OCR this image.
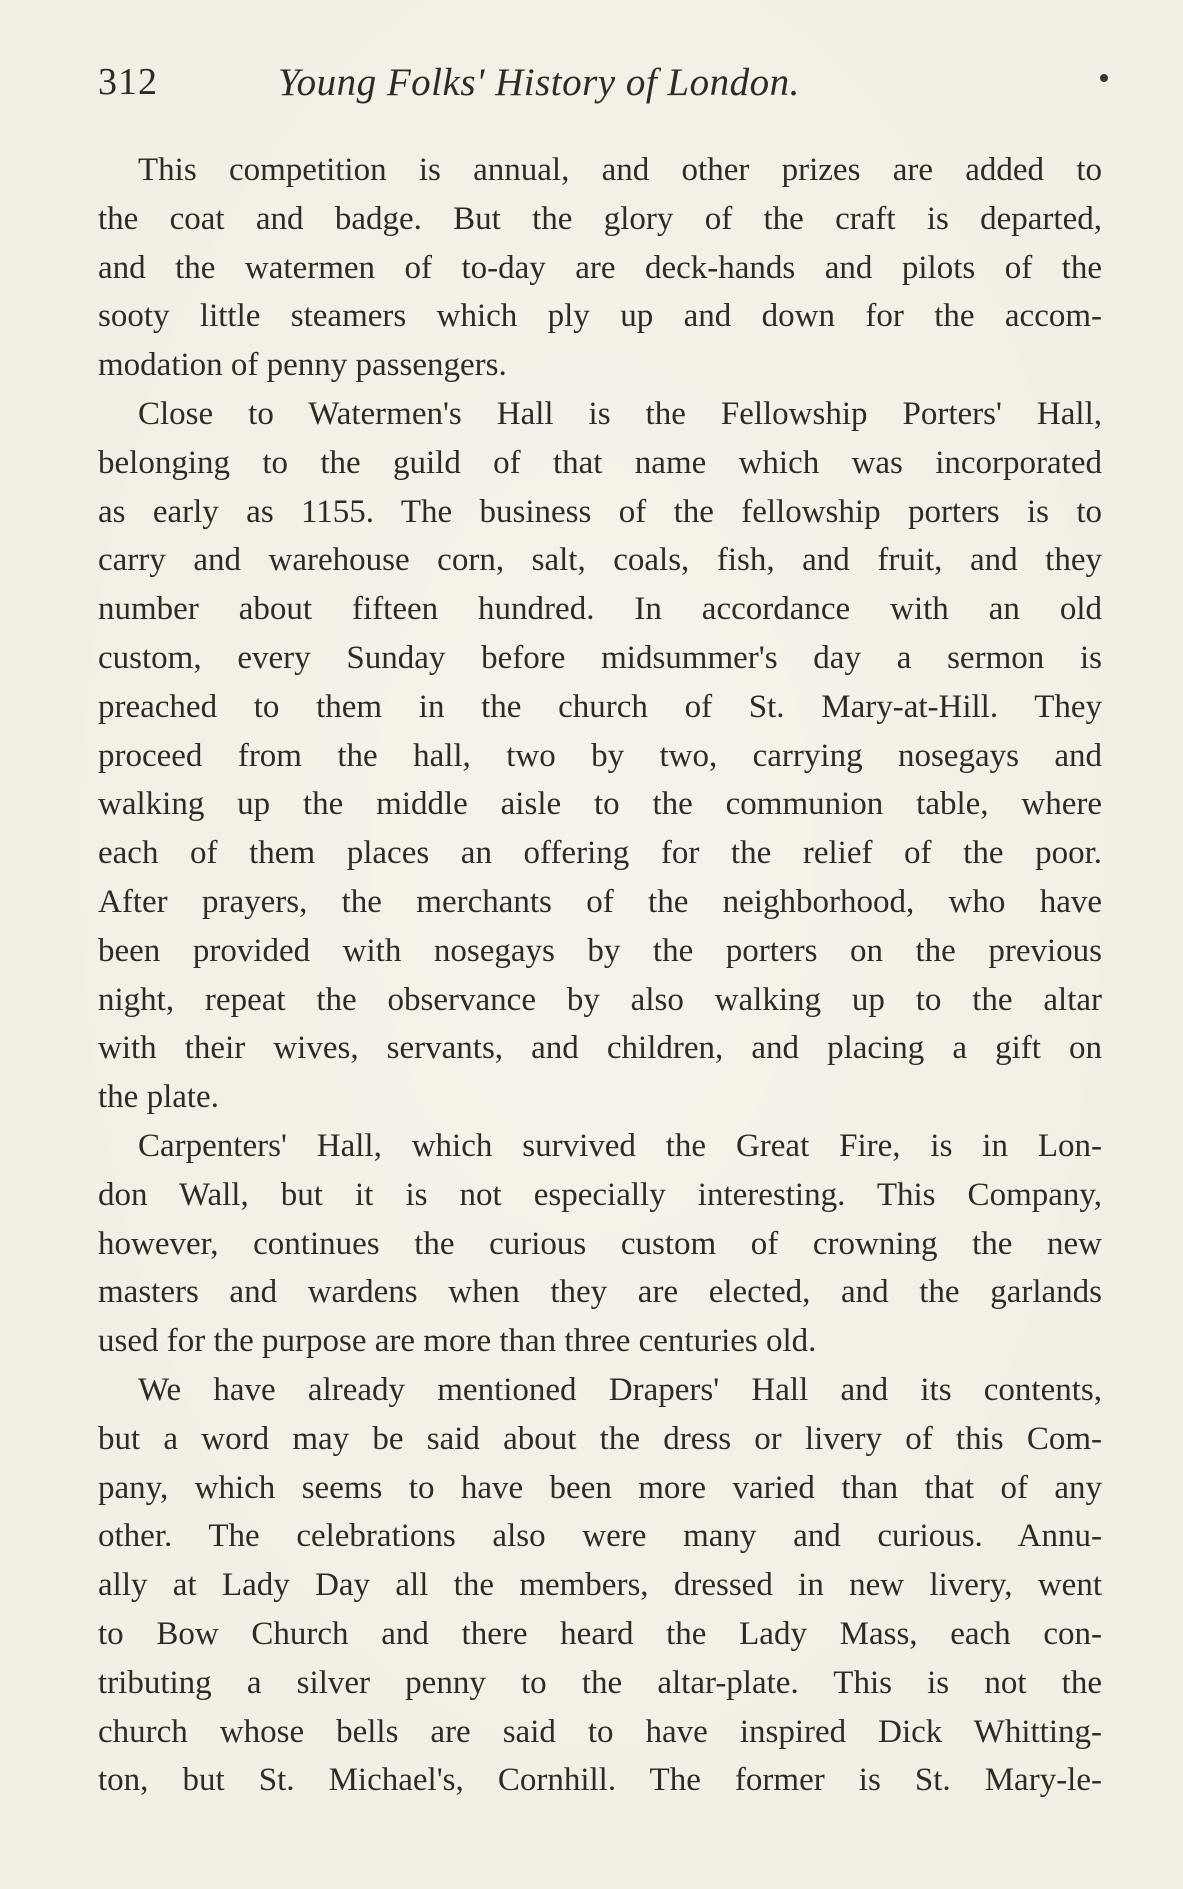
312	Young Folks' History of London.

This competition is annual, and other prizes are added to
the coat and badge. But the glory of the craft is departed,
and the watermen of to-day are deck-hands and pilots of the
sooty little steamers which ply up and down for the accom-
modation of penny passengers.

Close to Watermen's Hall is the Fellowship Porters' Hall,
belonging to the guild of that name which was incorporated
as early as 1155. The business of the fellowship porters is to
carry and warehouse corn, salt, coals, fish, and fruit, and they
number about fifteen hundred. In accordance with an old
custom, every Sunday before midsummer's day a sermon is
preached to them in the church of St. Mary-at-Hill. They
proceed from the hall, two by two, carrying nosegays and
walking up the middle aisle to the communion table, where
each of them places an offering for the relief of the poor.
After prayers, the merchants of the neighborhood, who have
been provided with nosegays by the porters on the previous
night, repeat the observance by also walking up to the altar
with their wives, servants, and children, and placing a gift on
the plate.

Carpenters' Hall, which survived the Great Fire, is in Lon-
don Wall, but it is not especially interesting. This Company,
however, continues the curious custom of crowning the new
masters and wardens when they are elected, and the garlands
used for the purpose are more than three centuries old.

We have already mentioned Drapers' Hall and its contents,
but a word may be said about the dress or livery of this Com-
pany, which seems to have been more varied than that of any
other. The celebrations also were many and curious. Annu-
ally at Lady Day all the members, dressed in new livery, went
to Bow Church and there heard the Lady Mass, each con-
tributing a silver penny to the altar-plate. This is not the
church whose bells are said to have inspired Dick Whitting-
ton, but St. Michael's, Cornhill. The former is St. Mary-le-
